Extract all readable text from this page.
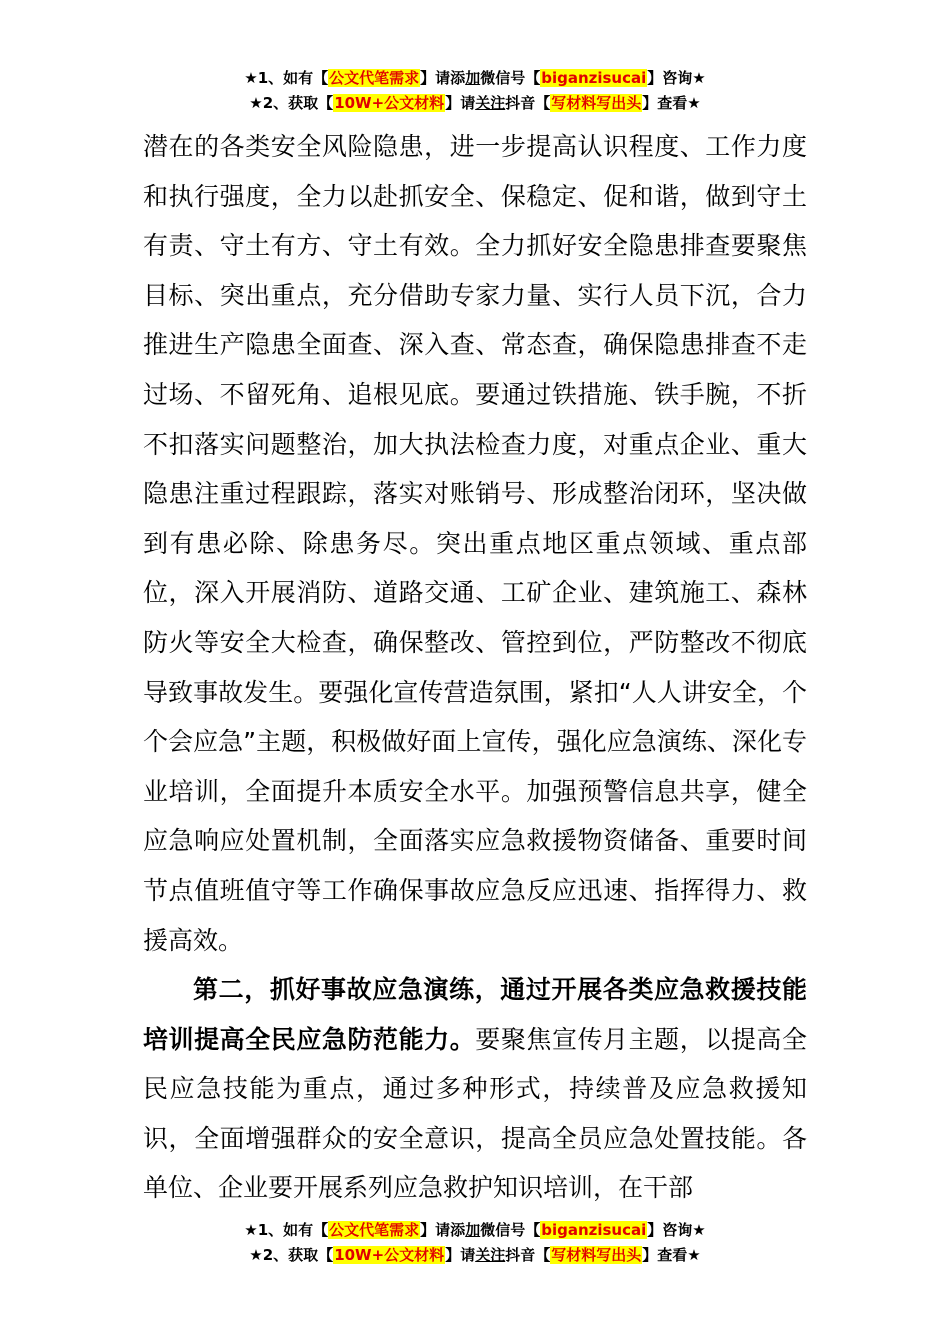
★1、如有【公文代笔需求】请添加微信号【biganzisucai】咨询★
★2、获取【10W+公文材料】请关注抖音【写材料写出头】查看★

潜在的各类安全风险隐患，进一步提高认识程度、工作力度和执行强度，全力以赴抓安全、保稳定、促和谐，做到守土有责、守土有方、守土有效。全力抓好安全隐患排查要聚焦目标、突出重点，充分借助专家力量、实行人员下沉，合力推进生产隐患全面查、深入查、常态查，确保隐患排查不走过场、不留死角、追根见底。要通过铁措施、铁手腕，不折不扣落实问题整治，加大执法检查力度，对重点企业、重大隐患注重过程跟踪，落实对账销号、形成整治闭环，坚决做到有患必除、除患务尽。突出重点地区重点领域、重点部位，深入开展消防、道路交通、工矿企业、建筑施工、森林防火等安全大检查，确保整改、管控到位，严防整改不彻底导致事故发生。要强化宣传营造氛围，紧扣“人人讲安全，个个会应急”主题，积极做好面上宣传，强化应急演练、深化专业培训，全面提升本质安全水平。加强预警信息共享，健全应急响应处置机制，全面落实应急救援物资储备、重要时间节点值班值守等工作确保事故应急反应迅速、指挥得力、救援高效。

第二，抓好事故应急演练，通过开展各类应急救援技能培训提高全民应急防范能力。要聚焦宣传月主题，以提高全民应急技能为重点，通过多种形式，持续普及应急救援知识，全面增强群众的安全意识，提高全员应急处置技能。各单位、企业要开展系列应急救护知识培训，在干部

★1、如有【公文代笔需求】请添加微信号【biganzisucai】咨询★
★2、获取【10W+公文材料】请关注抖音【写材料写出头】查看★
